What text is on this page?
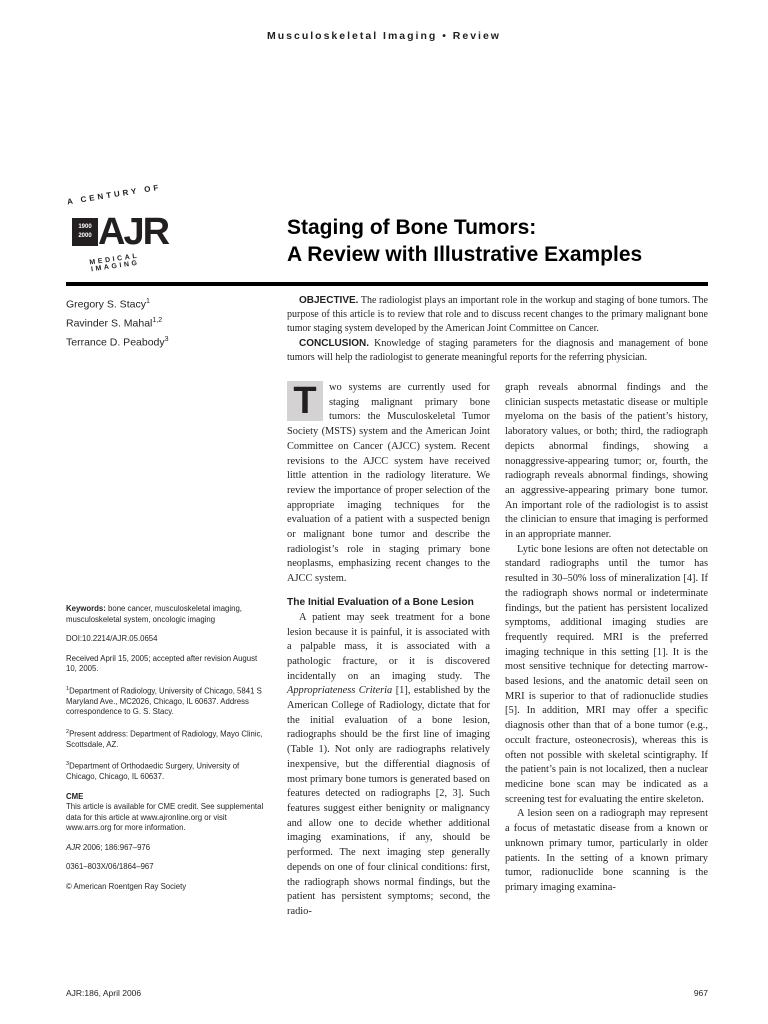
Musculoskeletal Imaging • Review
A CENTURY OF
1900
2000 AJR
MEDICAL IMAGING
Staging of Bone Tumors:
A Review with Illustrative Examples
Gregory S. Stacy$^1$
Ravinder S. Mahal$^{1,2}$
Terrance D. Peabody$^3$

OBJECTIVE. The radiologist plays an important role in the workup and staging of bone tumors. The purpose of this article is to review that role and to discuss recent changes to the primary malignant bone tumor staging system developed by the American Joint Committee on Cancer.

CONCLUSION. Knowledge of staging parameters for the diagnosis and management of bone tumors will help the radiologist to generate meaningful reports for the referring physician.

T	wo systems are currently used for staging malignant primary bone tumors: the Musculoskeletal Tumor Society (MSTS) system and the American Joint Committee on Cancer (AJCC) system. Recent revisions to the AJCC system have received little attention in the radiology literature. We review the importance of proper selection of the appropriate imaging techniques for the evaluation of a patient with a suspected benign or malignant bone tumor and describe the radiologist’s role in staging primary bone neoplasms, emphasizing recent changes to the AJCC system.

The Initial Evaluation of a Bone Lesion

A patient may seek treatment for a bone lesion because it is painful, it is associated with a palpable mass, it is associated with a pathologic fracture, or it is discovered incidentally on an imaging study. The Appropriateness Criteria [1], established by the American College of Radiology, dictate that for the initial evaluation of a bone lesion, radiographs should be the first line of imaging (Table 1). Not only are radiographs relatively inexpensive, but the differential diagnosis of most primary bone tumors is generated based on features detected on radiographs [2, 3]. Such features suggest either benignity or malignancy and allow one to decide whether additional imaging examinations, if any, should be performed. The next imaging step generally depends on one of four clinical conditions: first, the radiograph shows normal findings, but the patient has persistent symptoms; second, the radio-

graph reveals abnormal findings and the clinician suspects metastatic disease or multiple myeloma on the basis of the patient’s history, laboratory values, or both; third, the radiograph depicts abnormal findings, showing a nonaggressive-appearing tumor; or, fourth, the radiograph reveals abnormal findings, showing an aggressive-appearing primary bone tumor. An important role of the radiologist is to assist the clinician to ensure that imaging is performed in an appropriate manner.

Lytic bone lesions are often not detectable on standard radiographs until the tumor has resulted in 30–50% loss of mineralization [4]. If the radiograph shows normal or indeterminate findings, but the patient has persistent localized symptoms, additional imaging studies are frequently required. MRI is the preferred imaging technique in this setting [1]. It is the most sensitive technique for detecting marrow-based lesions, and the anatomic detail seen on MRI is superior to that of radionuclide studies [5]. In addition, MRI may offer a specific diagnosis other than that of a bone tumor (e.g., occult fracture, osteonecrosis), whereas this is often not possible with skeletal scintigraphy. If the patient’s pain is not localized, then a nuclear medicine bone scan may be indicated as a screening test for evaluating the entire skeleton.

A lesion seen on a radiograph may represent a focus of metastatic disease from a known or unknown primary tumor, particularly in older patients. In the setting of a known primary tumor, radionuclide bone scanning is the primary imaging examina-

Keywords: bone cancer, musculoskeletal imaging, musculoskeletal system, oncologic imaging

DOI:10.2214/AJR.05.0654

Received April 15, 2005; accepted after revision August 10, 2005.

$^1$Department of Radiology, University of Chicago, 5841 S Maryland Ave., MC2026, Chicago, IL 60637. Address correspondence to G. S. Stacy.

$^2$Present address: Department of Radiology, Mayo Clinic, Scottsdale, AZ.

$^3$Department of Orthodaedic Surgery, University of Chicago, Chicago, IL 60637.

CME
This article is available for CME credit. See supplemental data for this article at www.ajronline.org or visit www.arrs.org for more information.

AJR 2006; 186:967–976

0361–803X/06/1864–967

© American Roentgen Ray Society

AJR:186, April 2006	967
